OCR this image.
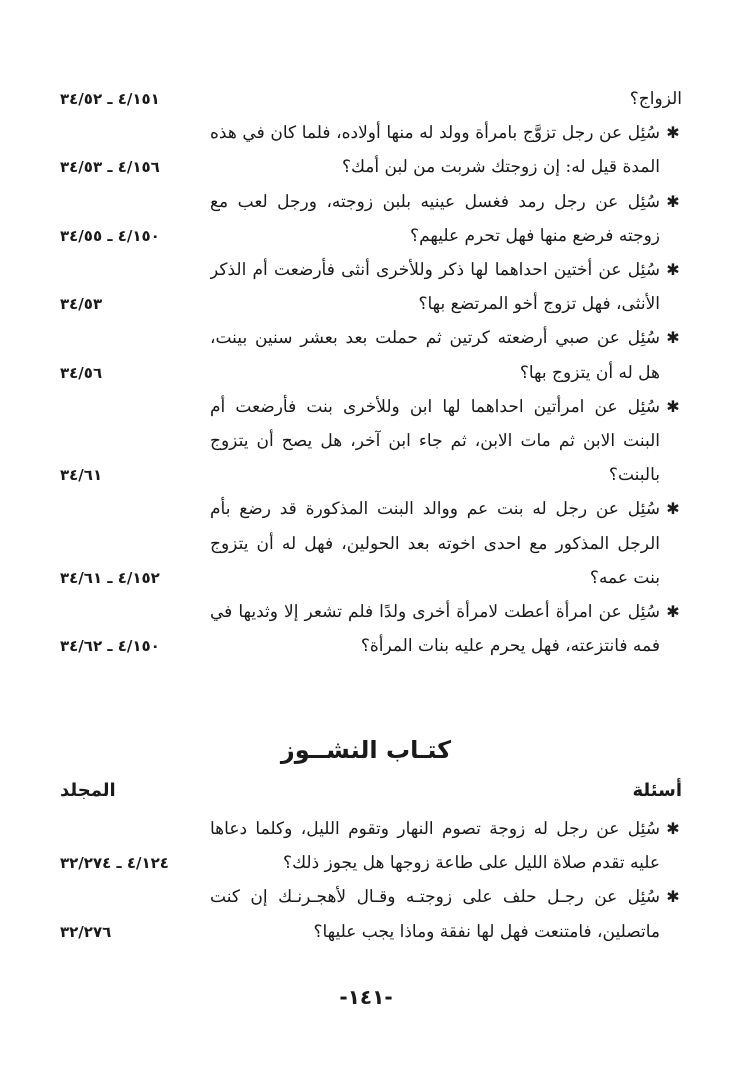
كتـاب النشــوز
أسئلة
المجلد
-١٤١-
الزواج؟
٤/١٥١ ـ ٣٤/٥٢
✱
سُئِل عن رجل تزوَّج بامرأة وولد له منها أولاده، فلما كان في هذه
المدة قيل له: إن زوجتك شربت من لبن أمك؟
٤/١٥٦ ـ ٣٤/٥٣
✱
سُئِل عن رجل رمد فغسل عينيه بلبن زوجته، ورجل لعب مع
زوجته فرضع منها فهل تحرم عليهم؟
٤/١٥٠ ـ ٣٤/٥٥
✱
سُئِل عن أختين احداهما لها ذكر وللأخرى أنثى فأرضعت أم الذكر
الأنثى، فهل تزوج أخو المرتضع بها؟
٣٤/٥٣
✱
سُئِل عن صبي أرضعته كرتين ثم حملت بعد بعشر سنين بينت،
هل له أن يتزوج بها؟
٣٤/٥٦
✱
سُئِل عن امرأتين احداهما لها ابن وللأخرى بنت فأرضعت أم
البنت الابن ثم مات الابن، ثم جاء ابن آخر، هل يصح أن يتزوج
بالبنت؟
٣٤/٦١
✱
سُئِل عن رجل له بنت عم ووالد البنت المذكورة قد رضع بأم
الرجل المذكور مع احدى اخوته بعد الحولين، فهل له أن يتزوج
بنت عمه؟
٤/١٥٢ ـ ٣٤/٦١
✱
سُئِل عن امرأة أعطت لامرأة أخرى ولدًا فلم تشعر إلا وثديها في
فمه فانتزعته، فهل يحرم عليه بنات المرأة؟
٤/١٥٠ ـ ٣٤/٦٢
✱
سُئِل عن رجل له زوجة تصوم النهار وتقوم الليل، وكلما دعاها
عليه تقدم صلاة الليل على طاعة زوجها هل يجوز ذلك؟
٤/١٢٤ ـ ٣٢/٢٧٤
✱
سُئِل عن رجـل حلف على زوجتـه وقـال لأهجـرنـك إن كنت
ماتصلين، فامتنعت فهل لها نفقة وماذا يجب عليها؟
٣٢/٢٧٦
